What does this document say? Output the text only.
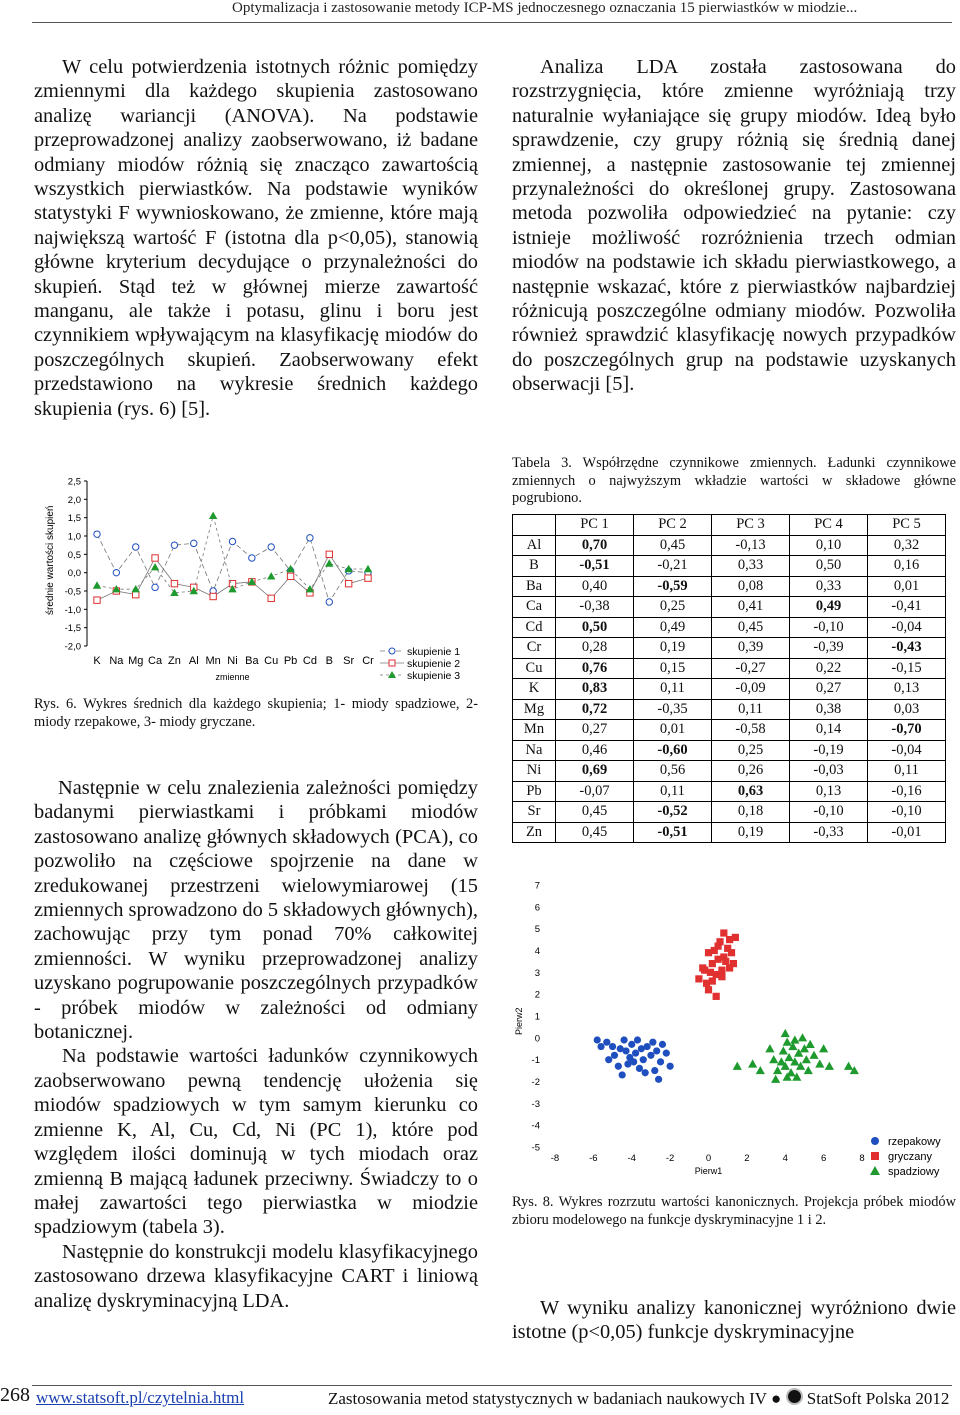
Optymalizacja i zastosowanie metody ICP-MS jednoczesnego oznaczania 15 pierwiastków w miodzie...

W celu potwierdzenia istotnych różnic pomiędzy zmiennymi dla każdego skupienia zastosowano analizę wariancji (ANOVA). Na podstawie przeprowadzonej analizy zaobserwowano, iż badane odmiany miodów różnią się znacząco zawartością wszystkich pierwiastków. Na podstawie wyników statystyki F wywnioskowano, że zmienne, które mają największą wartość F (istotna dla p<0,05), stanowią główne kryterium decydujące o przynależności do skupień. Stąd też w głównej mierze zawartość manganu, ale także i potasu, glinu i boru jest czynnikiem wpływającym na klasyfikację miodów do poszczególnych skupień. Zaobserwowany efekt przedstawiono na wykresie średnich każdego skupienia (rys. 6) [5].

średnie wartości skupień
2,5
2,0
1,5
1,0
0,5
0,0
-0,5
-1,0
-1,5
-2,0
K Na Mg Ca Zn Al Mn Ni Ba Cu Pb Cd B Sr Cr
zmienne
skupienie 1
skupienie 2
skupienie 3
Rys. 6. Wykres średnich dla każdego skupienia; 1- miody spadziowe, 2- miody rzepakowe, 3- miody gryczane.

Następnie w celu znalezienia zależności pomiędzy badanymi pierwiastkami i próbkami miodów zastosowano analizę głównych składowych (PCA), co pozwoliło na częściowe spojrzenie na dane w zredukowanej przestrzeni wielowymiarowej (15 zmiennych sprowadzono do 5 składowych głównych), zachowując przy tym ponad 70% całkowitej zmienności. W wyniku przeprowadzonej analizy uzyskano pogrupowanie poszczególnych przypadków - próbek miodów w zależności od odmiany botanicznej.

Na podstawie wartości ładunków czynnikowych zaobserwowano pewną tendencję ułożenia się miodów spadziowych w tym samym kierunku co zmienne K, Al, Cu, Cd, Ni (PC 1), które pod względem ilości dominują w tych miodach oraz zmienną B mającą ładunek przeciwny. Świadczy to o małej zawartości tego pierwiastka w miodzie spadziowym (tabela 3).

Następnie do konstrukcji modelu klasyfikacyjnego zastosowano drzewa klasyfikacyjne CART i liniową analizę dyskryminacyjną LDA.

Analiza LDA została zastosowana do rozstrzygnięcia, które zmienne wyróżniają trzy naturalnie wyłaniające się grupy miodów. Ideą było sprawdzenie, czy grupy różnią się średnią danej zmiennej, a następnie zastosowanie tej zmiennej przynależności do określonej grupy. Zastosowana metoda pozwoliła odpowiedzieć na pytanie: czy istnieje możliwość rozróżnienia trzech odmian miodów na podstawie ich składu pierwiastkowego, a następnie wskazać, które z pierwiastków najbardziej różnicują poszczególne odmiany miodów. Pozwoliła również sprawdzić klasyfikację nowych przypadków do poszczególnych grup na podstawie uzyskanych obserwacji [5].

Tabela 3. Współrzędne czynnikowe zmiennych. Ładunki czynnikowe zmiennych o najwyższym wkładzie wartości w składowe główne pogrubiono.
	PC 1	PC 2	PC 3	PC 4	PC 5
Al	0,70	0,45	-0,13	0,10	0,32
B	-0,51	-0,21	0,33	0,50	0,16
Ba	0,40	-0,59	0,08	0,33	0,01
Ca	-0,38	0,25	0,41	0,49	-0,41
Cd	0,50	0,49	0,45	-0,10	-0,04
Cr	0,28	0,19	0,39	-0,39	-0,43
Cu	0,76	0,15	-0,27	0,22	-0,15
K	0,83	0,11	-0,09	0,27	0,13
Mg	0,72	-0,35	0,11	0,38	0,03
Mn	0,27	0,01	-0,58	0,14	-0,70
Na	0,46	-0,60	0,25	-0,19	-0,04
Ni	0,69	0,56	0,26	-0,03	0,11
Pb	-0,07	0,11	0,63	0,13	-0,16
Sr	0,45	-0,52	0,18	-0,10	-0,10
Zn	0,45	-0,51	0,19	-0,33	-0,01
7
6
5
4
3
2
1
0
-1
-2
-3
-4
-5
-8	-6	-4	-2	0	2	4	6	8
Pierw1
Pierw2
rzepakowy
gryczany
spadziowy
Rys. 8. Wykres rozrzutu wartości kanonicznych. Projekcja próbek miodów zbioru modelowego na funkcje dyskryminacyjne 1 i 2.

W wyniku analizy kanonicznej wyróżniono dwie istotne (p<0,05) funkcje dyskryminacyjne

268 www.statsoft.pl/czytelnia.html	Zastosowania metod statystycznych w badaniach naukowych IV ● StatSoft Polska 2012
